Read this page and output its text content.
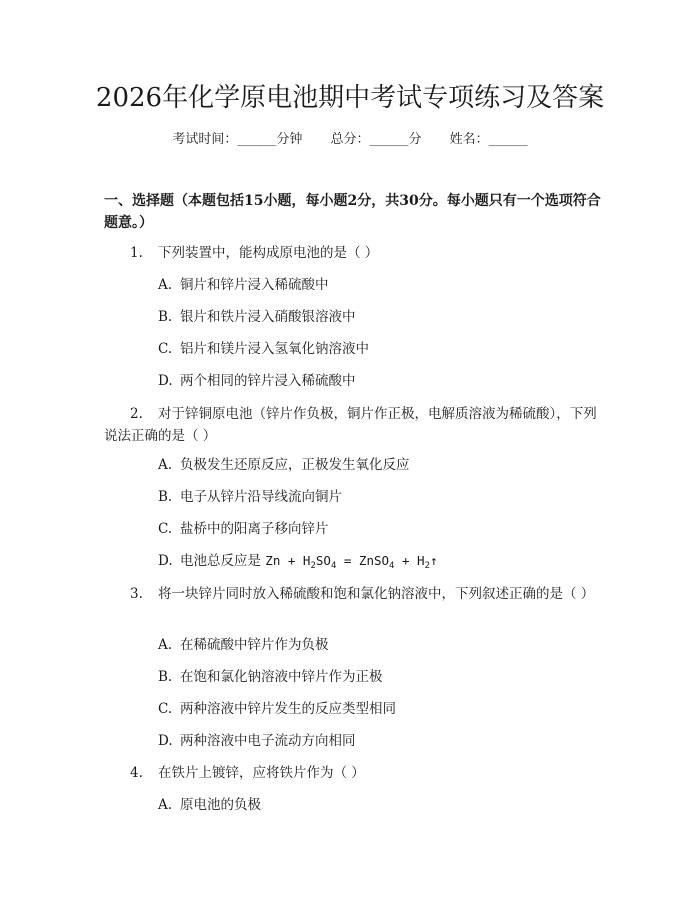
2026年化学原电池期中考试专项练习及答案
考试时间：______分钟 总分：______分 姓名：______
一、选择题（本题包括15小题，每小题2分，共30分。每小题只有一个选项符合题意。）
1. 下列装置中，能构成原电池的是（ ）
A. 铜片和锌片浸入稀硫酸中
B. 银片和铁片浸入硝酸银溶液中
C. 铝片和镁片浸入氢氧化钠溶液中
D. 两个相同的锌片浸入稀硫酸中
2. 对于锌铜原电池（锌片作负极，铜片作正极，电解质溶液为稀硫酸），下列说法正确的是（ ）
A. 负极发生还原反应，正极发生氧化反应
B. 电子从锌片沿导线流向铜片
C. 盐桥中的阳离子移向锌片
D. 电池总反应是 $Zn + H_2SO_4$ = ZnSO$_4$ + $H_2↑$
3. 将一块锌片同时放入稀硫酸和饱和氯化钠溶液中，下列叙述正确的是（ ）
A. 在稀硫酸中锌片作为负极
B. 在饱和氯化钠溶液中锌片作为正极
C. 两种溶液中锌片发生的反应类型相同
D. 两种溶液中电子流动方向相同
4. 在铁片上镀锌，应将铁片作为（ ）
A. 原电池的负极
